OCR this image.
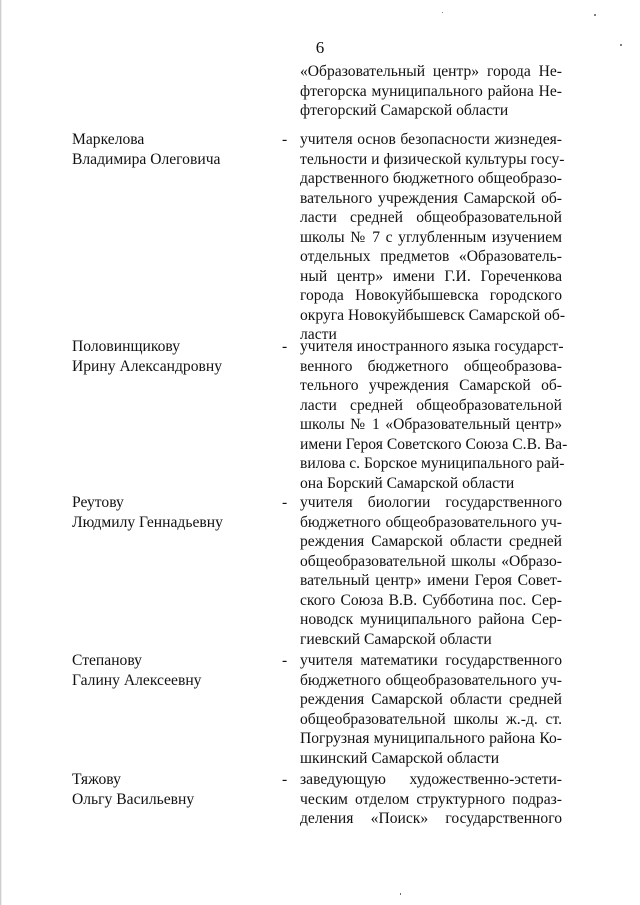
6
«Образовательный центр» города Не-
фтегорска муниципального района Не-
фтегорский Самарской области
Маркелова
Владимира Олеговича
- учителя основ безопасности жизнедея-
тельности и физической культуры госу-
дарственного бюджетного общеобразо-
вательного учреждения Самарской об-
ласти средней общеобразовательной
школы № 7 с углубленным изучением
отдельных предметов «Образователь-
ный центр» имени Г.И. Гореченкова
города Новокуйбышевска городского
округа Новокуйбышевск Самарской об-
ласти
Половинщикову
Ирину Александровну
- учителя иностранного языка государст-
венного бюджетного общеобразова-
тельного учреждения Самарской об-
ласти средней общеобразовательной
школы № 1 «Образовательный центр»
имени Героя Советского Союза С.В. Ва-
вилова с. Борское муниципального рай-
она Борский Самарской области
Реутову
Людмилу Геннадьевну
- учителя биологии государственного
бюджетного общеобразовательного уч-
реждения Самарской области средней
общеобразовательной школы «Образо-
вательный центр» имени Героя Совет-
ского Союза В.В. Субботина пос. Сер-
новодск муниципального района Сер-
гиевский Самарской области
Степанову
Галину Алексеевну
- учителя математики государственного
бюджетного общеобразовательного уч-
реждения Самарской области средней
общеобразовательной школы ж.-д. ст.
Погрузная муниципального района Ко-
шкинский Самарской области
Тяжову
Ольгу Васильевну
- заведующую художественно-эстети-
ческим отделом структурного подраз-
деления «Поиск» государственного
